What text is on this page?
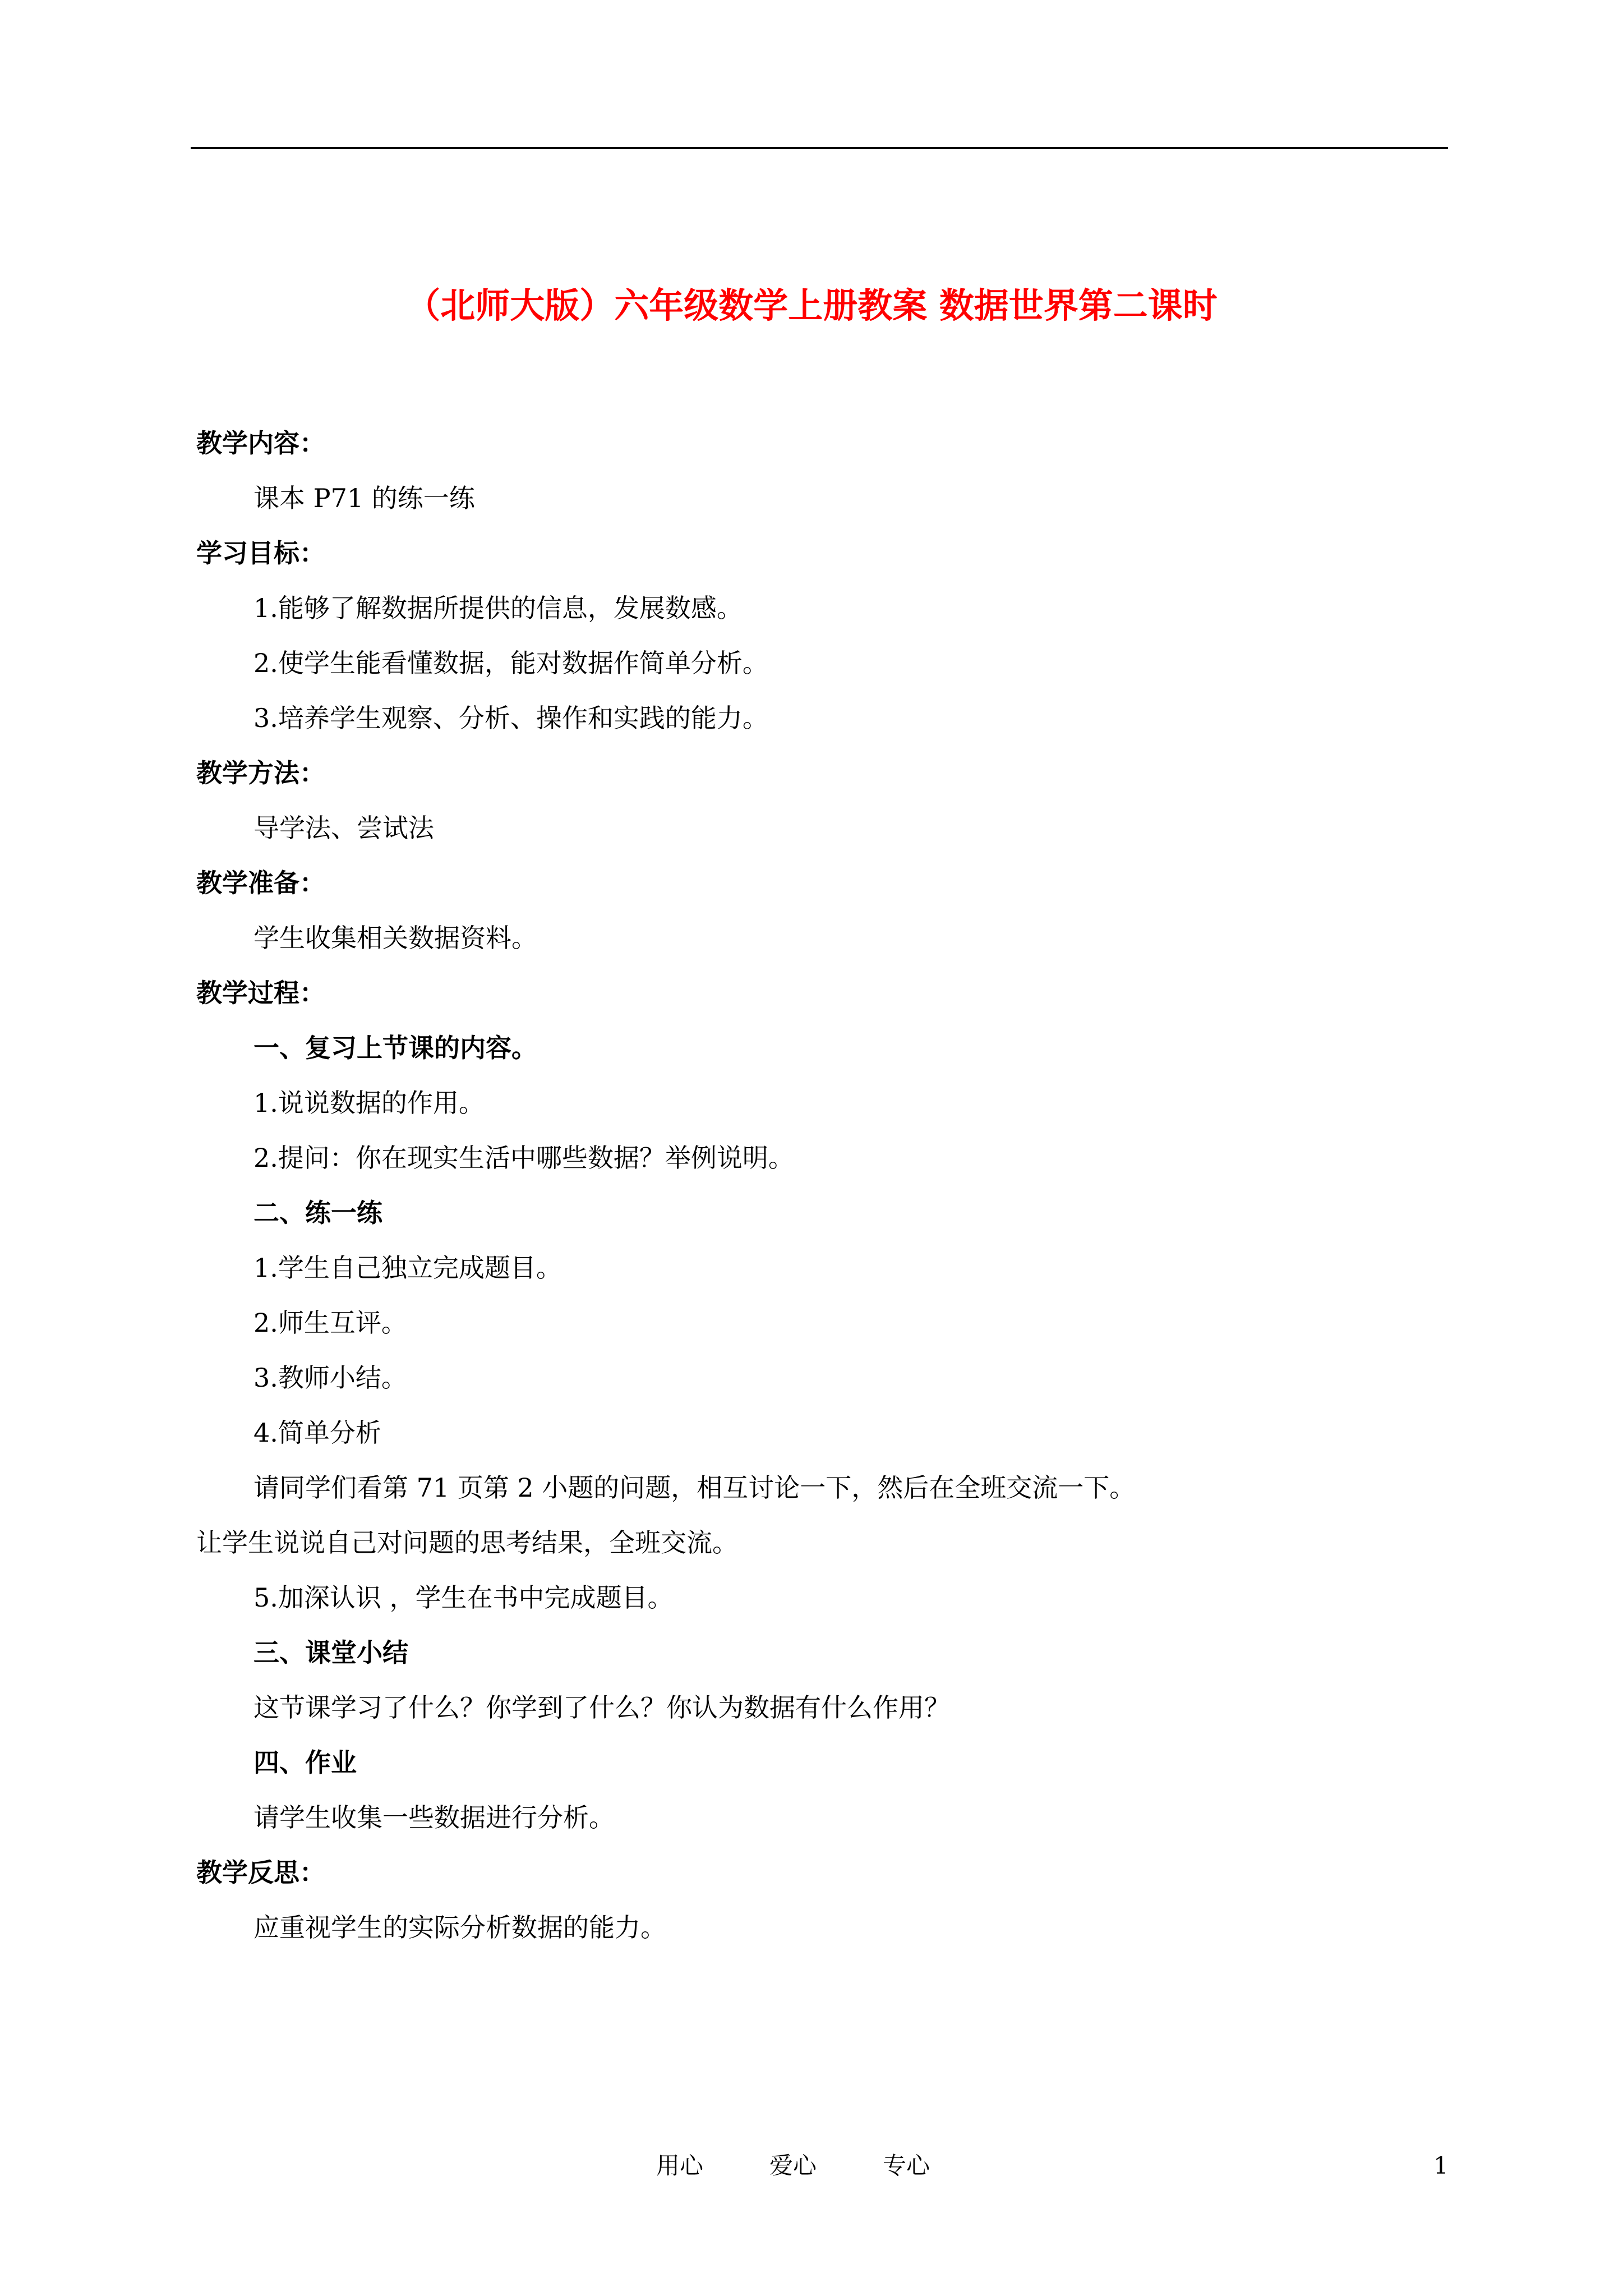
（北师大版）六年级数学上册教案 数据世界第二课时
教学内容：
课本 P71 的练一练
学习目标：
1.能够了解数据所提供的信息，发展数感。
2.使学生能看懂数据，能对数据作简单分析。
3.培养学生观察、分析、操作和实践的能力。
教学方法：
导学法、尝试法
教学准备：
学生收集相关数据资料。
教学过程：
一、复习上节课的内容。
1.说说数据的作用。
2.提问：你在现实生活中哪些数据？举例说明。
二、练一练
1.学生自己独立完成题目。
2.师生互评。
3.教师小结。
4.简单分析
请同学们看第 71 页第 2 小题的问题，相互讨论一下，然后在全班交流一下。
让学生说说自己对问题的思考结果，全班交流。
5.加深认识 ，学生在书中完成题目。
三、课堂小结
这节课学习了什么？你学到了什么？你认为数据有什么作用？
四、作业
请学生收集一些数据进行分析。
教学反思：
应重视学生的实际分析数据的能力。
用心	爱心	专心	1
